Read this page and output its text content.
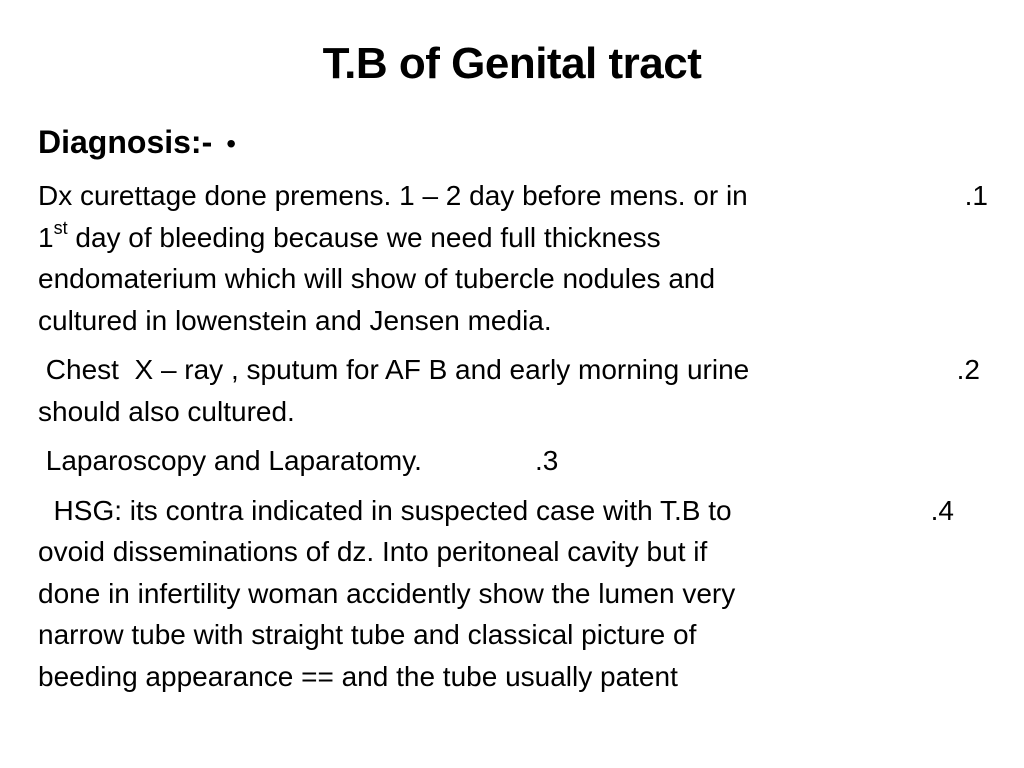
T.B of Genital tract
Diagnosis:- •
Dx curettage done premens. 1 – 2 day before mens. or in
1st day of bleeding because we need full thickness
endomaterium which will show of tubercle nodules and
cultured in lowenstein and Jensen media.
.1
Chest  X – ray , sputum for AF B and early morning urine
should also cultured.
.2
Laparoscopy and Laparatomy.	.3
HSG: its contra indicated in suspected case with T.B to
ovoid disseminations of dz. Into peritoneal cavity but if
done in infertility woman accidently show the lumen very
narrow tube with straight tube and classical picture of
beeding appearance == and the tube usually patent
.4
